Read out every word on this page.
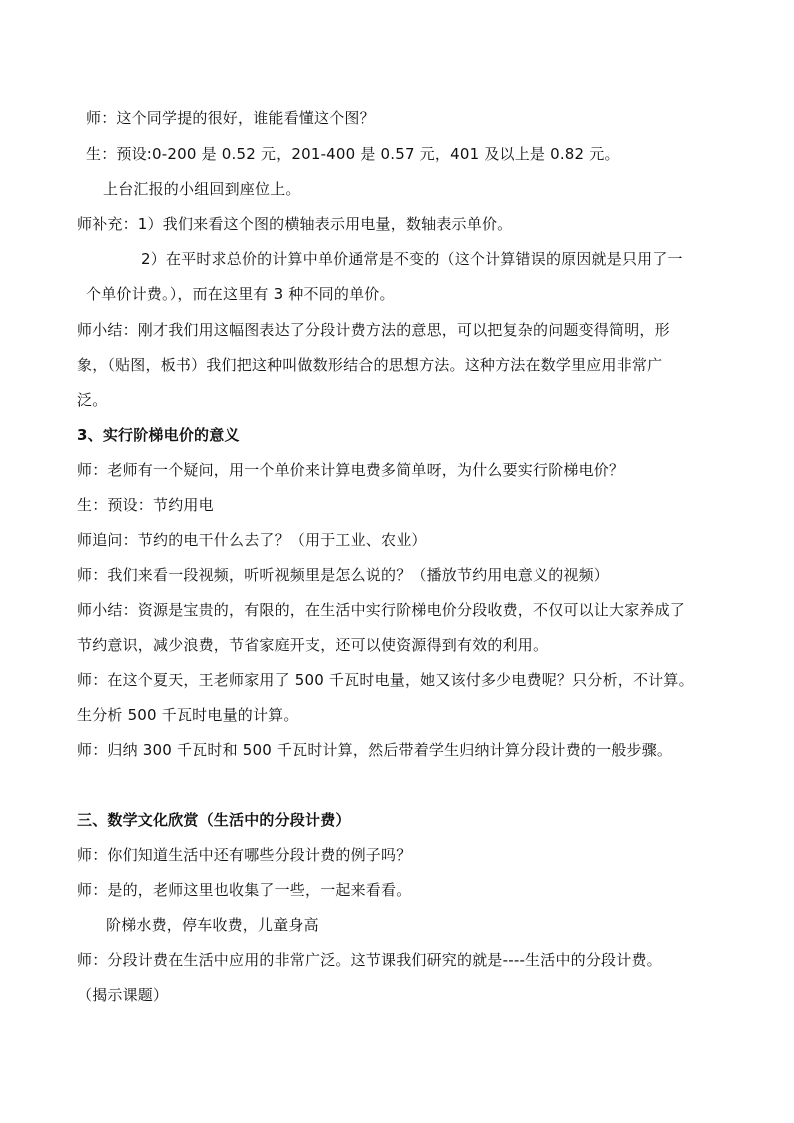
师：这个同学提的很好，谁能看懂这个图？
生：预设:0-200 是 0.52 元，201-400 是 0.57 元，401 及以上是 0.82 元。
上台汇报的小组回到座位上。
师补充：1）我们来看这个图的横轴表示用电量，数轴表示单价。
2）在平时求总价的计算中单价通常是不变的（这个计算错误的原因就是只用了一
个单价计费。），而在这里有 3 种不同的单价。
师小结：刚才我们用这幅图表达了分段计费方法的意思，可以把复杂的问题变得简明，形
象，（贴图，板书）我们把这种叫做数形结合的思想方法。这种方法在数学里应用非常广
泛。
3、实行阶梯电价的意义
师：老师有一个疑问，用一个单价来计算电费多简单呀，为什么要实行阶梯电价？
生：预设：节约用电
师追问：节约的电干什么去了？（用于工业、农业）
师：我们来看一段视频，听听视频里是怎么说的？（播放节约用电意义的视频）
师小结：资源是宝贵的，有限的，在生活中实行阶梯电价分段收费，不仅可以让大家养成了
节约意识，减少浪费，节省家庭开支，还可以使资源得到有效的利用。
师：在这个夏天，王老师家用了 500 千瓦时电量，她又该付多少电费呢？只分析，不计算。
生分析 500 千瓦时电量的计算。
师：归纳 300 千瓦时和 500 千瓦时计算，然后带着学生归纳计算分段计费的一般步骤。
三、数学文化欣赏（生活中的分段计费）
师：你们知道生活中还有哪些分段计费的例子吗？
师：是的，老师这里也收集了一些，一起来看看。
阶梯水费，停车收费，儿童身高
师：分段计费在生活中应用的非常广泛。这节课我们研究的就是----生活中的分段计费。
（揭示课题）
